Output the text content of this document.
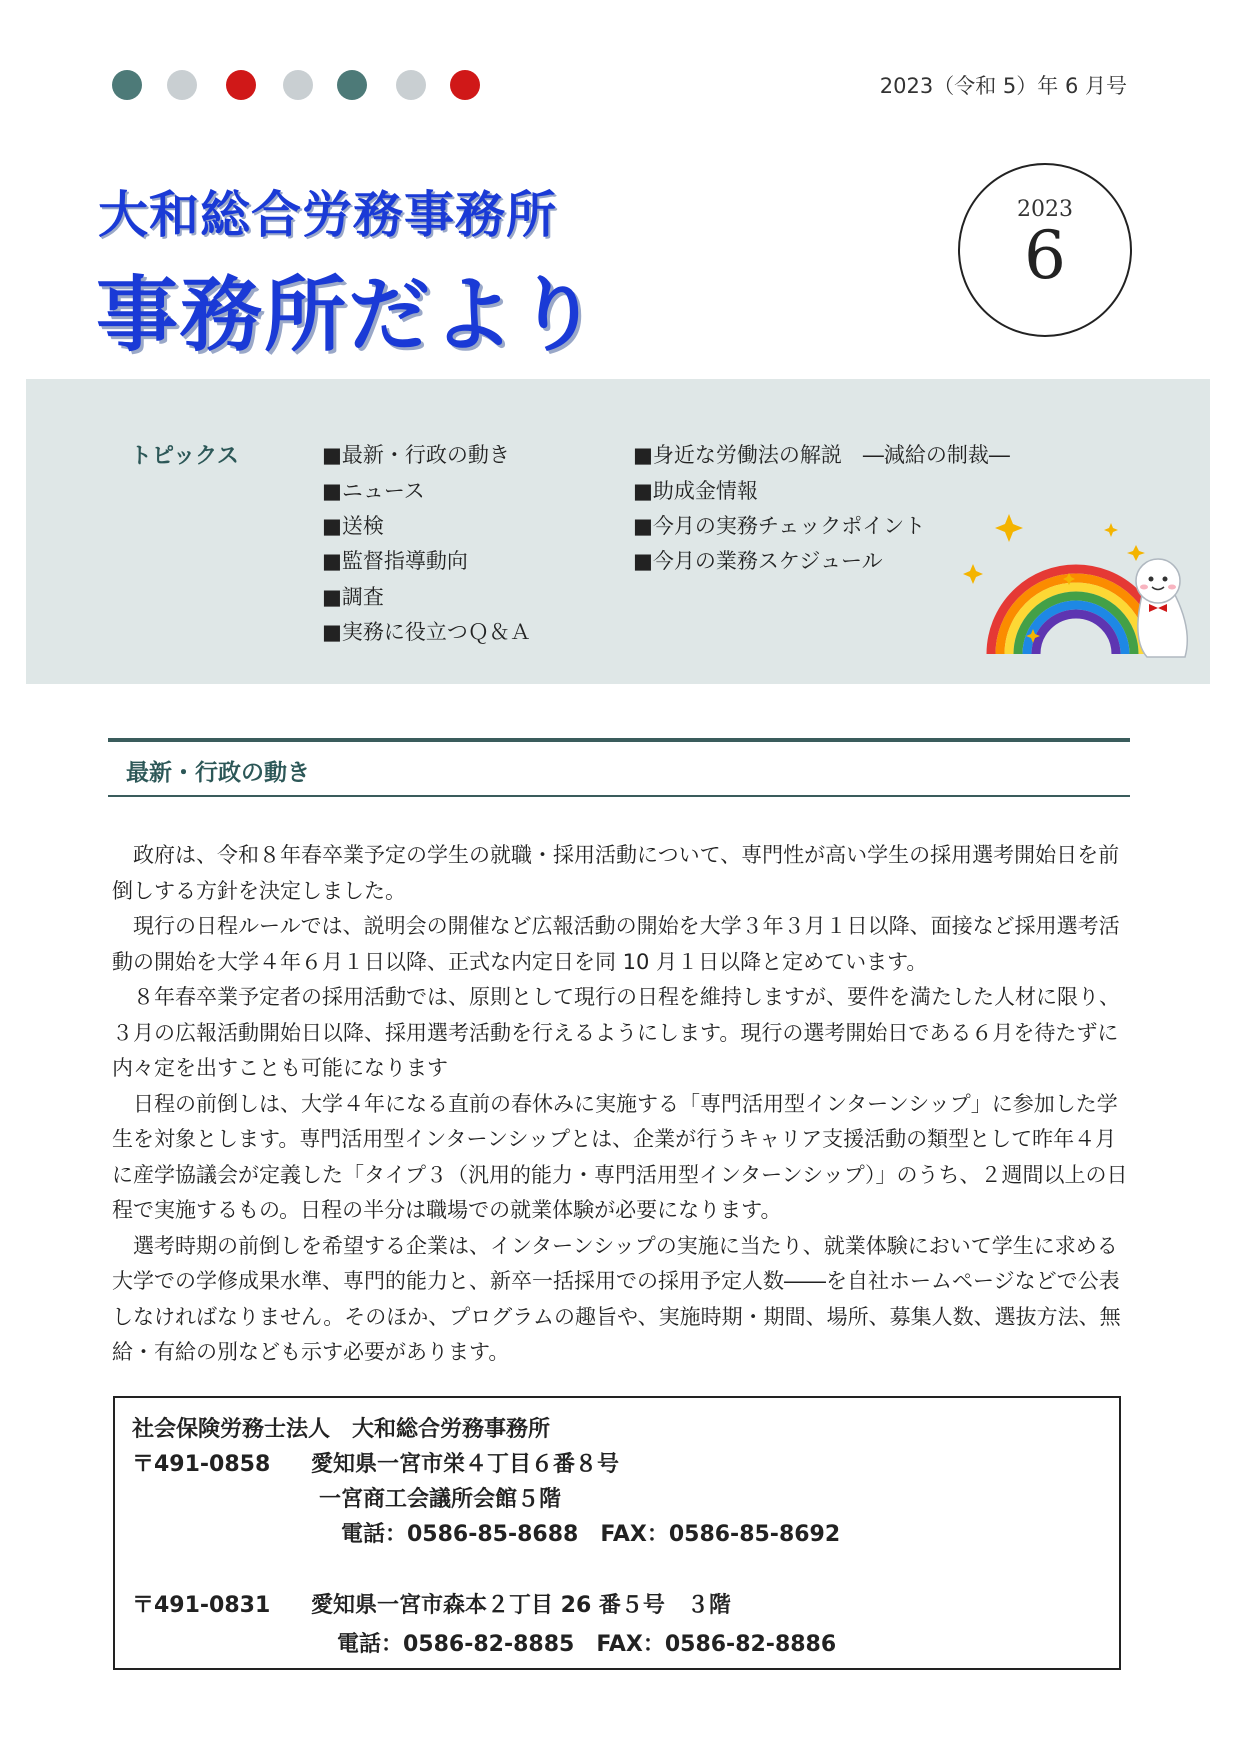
2023（令和 5）年 6 月号
大和総合労務事務所
事務所だより
2023
6
トピックス	■最新・行政の動き
■ニュース
■送検
■監督指導動向
■調査
■実務に役立つＱ＆Ａ
■身近な労働法の解説　―減給の制裁―
■助成金情報
■今月の実務チェックポイント
■今月の業務スケジュール
最新・行政の動き

政府は、令和８年春卒業予定の学生の就職・採用活動について、専門性が高い学生の採用選考開始日を前倒しする方針を決定しました。

現行の日程ルールでは、説明会の開催など広報活動の開始を大学３年３月１日以降、面接など採用選考活動の開始を大学４年６月１日以降、正式な内定日を同 10 月１日以降と定めています。

８年春卒業予定者の採用活動では、原則として現行の日程を維持しますが、要件を満たした人材に限り、３月の広報活動開始日以降、採用選考活動を行えるようにします。現行の選考開始日である６月を待たずに内々定を出すことも可能になります

日程の前倒しは、大学４年になる直前の春休みに実施する「専門活用型インターンシップ」に参加した学生を対象とします。専門活用型インターンシップとは、企業が行うキャリア支援活動の類型として昨年４月に産学協議会が定義した「タイプ３（汎用的能力・専門活用型インターンシップ）」のうち、２週間以上の日程で実施するもの。日程の半分は職場での就業体験が必要になります。

選考時期の前倒しを希望する企業は、インターンシップの実施に当たり、就業体験において学生に求める大学での学修成果水準、専門的能力と、新卒一括採用での採用予定人数――を自社ホームページなどで公表しなければなりません。そのほか、プログラムの趣旨や、実施時期・期間、場所、募集人数、選抜方法、無給・有給の別なども示す必要があります。

社会保険労務士法人　大和総合労務事務所
〒491-0858 愛知県一宮市栄４丁目６番８号
一宮商工会議所会館５階
電話：0586-85-8688　FAX：0586-85-8692
〒491-0831 愛知県一宮市森本２丁目 26 番５号　３階
電話：0586-82-8885　FAX：0586-82-8886
